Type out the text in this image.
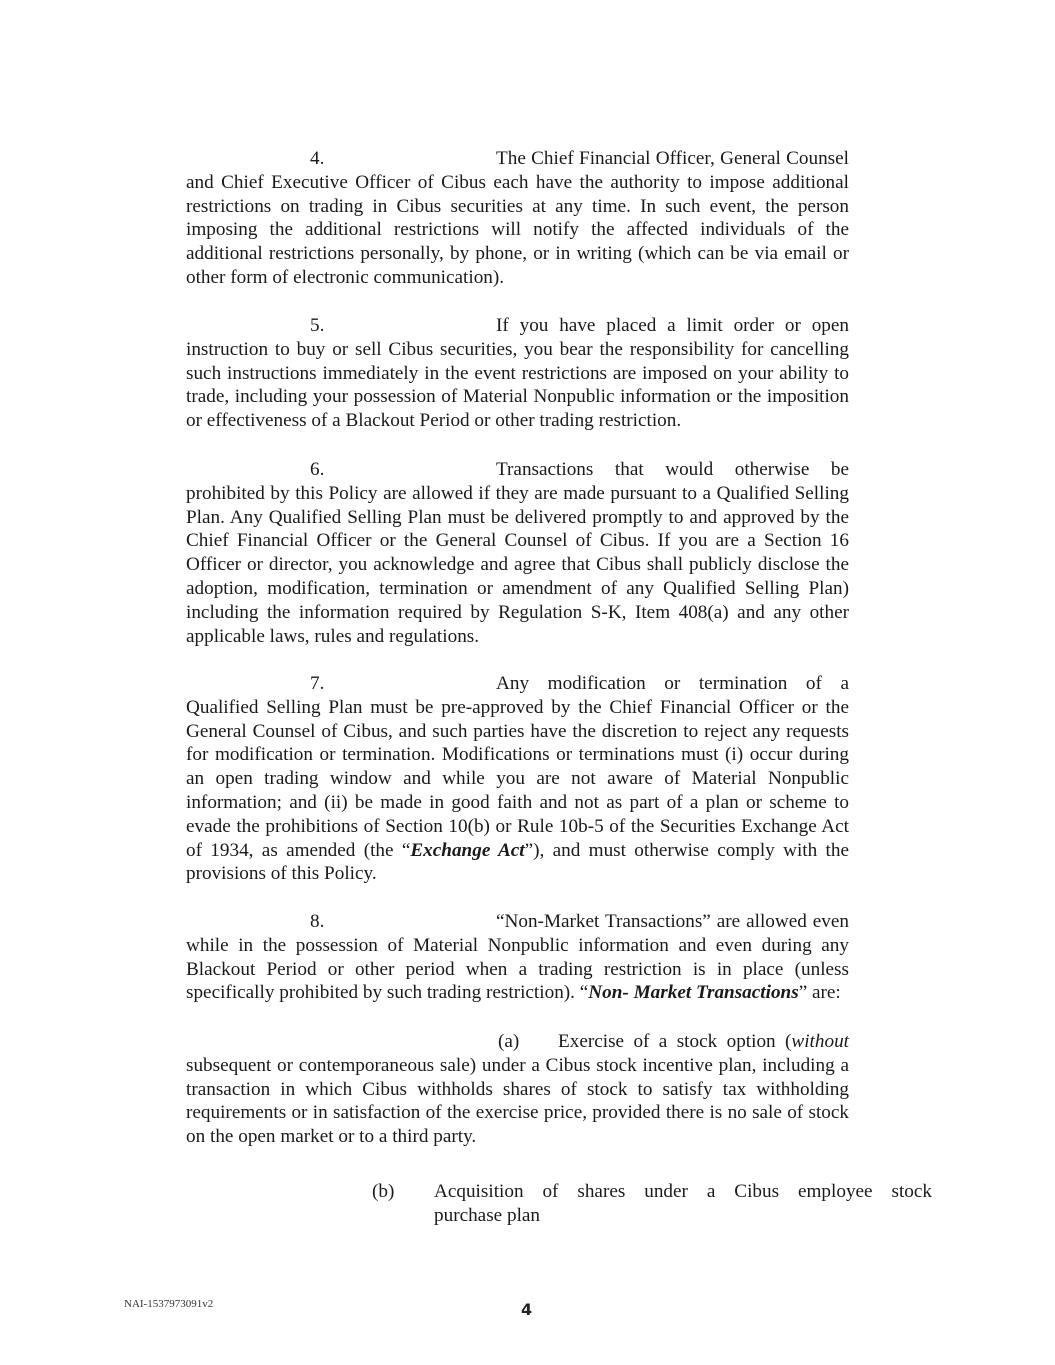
4.	The Chief Financial Officer, General Counsel and Chief Executive Officer of Cibus each have the authority to impose additional restrictions on trading in Cibus securities at any time. In such event, the person imposing the additional restrictions will notify the affected individuals of the additional restrictions personally, by phone, or in writing (which can be via email or other form of electronic communication).

5.	If you have placed a limit order or open instruction to buy or sell Cibus securities, you bear the responsibility for cancelling such instructions immediately in the event restrictions are imposed on your ability to trade, including your possession of Material Nonpublic information or the imposition or effectiveness of a Blackout Period or other trading restriction.

6.	Transactions that would otherwise be prohibited by this Policy are allowed if they are made pursuant to a Qualified Selling Plan. Any Qualified Selling Plan must be delivered promptly to and approved by the Chief Financial Officer or the General Counsel of Cibus. If you are a Section 16 Officer or director, you acknowledge and agree that Cibus shall publicly disclose the adoption, modification, termination or amendment of any Qualified Selling Plan) including the information required by Regulation S-K, Item 408(a) and any other applicable laws, rules and regulations.

7.	Any modification or termination of a Qualified Selling Plan must be pre-approved by the Chief Financial Officer or the General Counsel of Cibus, and such parties have the discretion to reject any requests for modification or termination. Modifications or terminations must (i) occur during an open trading window and while you are not aware of Material Nonpublic information; and (ii) be made in good faith and not as part of a plan or scheme to evade the prohibitions of Section 10(b) or Rule 10b-5 of the Securities Exchange Act of 1934, as amended (the “Exchange Act”), and must otherwise comply with the provisions of this Policy.

8.	“Non-Market Transactions” are allowed even while in the possession of Material Nonpublic information and even during any Blackout Period or other period when a trading restriction is in place (unless specifically prohibited by such trading restriction). “Non- Market Transactions” are:

(a) Exercise of a stock option (without subsequent or contemporaneous sale) under a Cibus stock incentive plan, including a transaction in which Cibus withholds shares of stock to satisfy tax withholding requirements or in satisfaction of the exercise price, provided there is no sale of stock on the open market or to a third party.

(b) Acquisition of shares under a Cibus employee stock
purchase plan
NAI-1537973091v2	4
